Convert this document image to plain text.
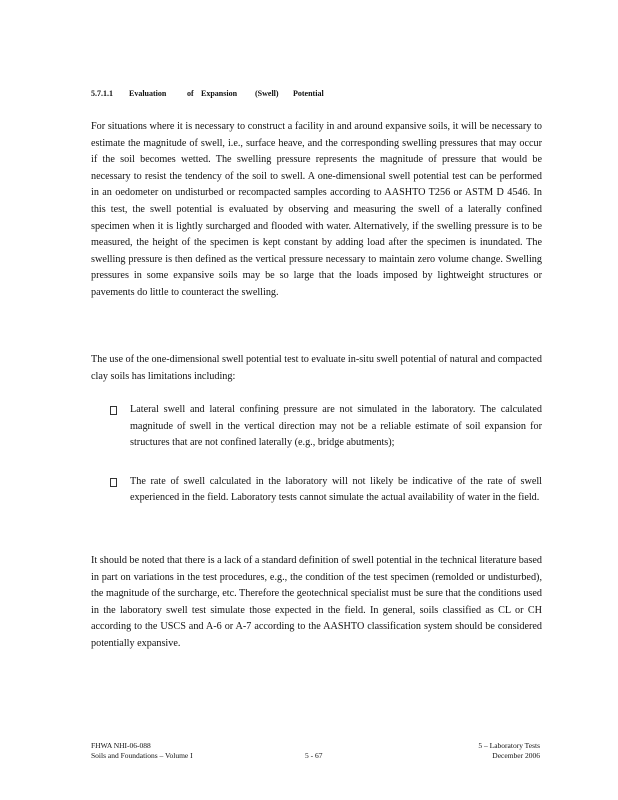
5.7.1.1	Evaluation	of Expansion	(Swell)	Potential

For situations where it is necessary to construct a facility in and around expansive soils, it will be necessary to estimate the magnitude of swell, i.e., surface heave, and the corresponding swelling pressures that may occur if the soil becomes wetted. The swelling pressure represents the magnitude of pressure that would be necessary to resist the tendency of the soil to swell. A one-dimensional swell potential test can be performed in an oedometer on undisturbed or recompacted samples according to AASHTO T256 or ASTM D 4546. In this test, the swell potential is evaluated by observing and measuring the swell of a laterally confined specimen when it is lightly surcharged and flooded with water. Alternatively, if the swelling pressure is to be measured, the height of the specimen is kept constant by adding load after the specimen is inundated. The swelling pressure is then defined as the vertical pressure necessary to maintain zero volume change. Swelling pressures in some expansive soils may be so large that the loads imposed by lightweight structures or pavements do little to counteract the swelling.

The use of the one-dimensional swell potential test to evaluate in-situ swell potential of natural and compacted clay soils has limitations including:

Lateral swell and lateral confining pressure are not simulated in the laboratory. The calculated magnitude of swell in the vertical direction may not be a reliable estimate of soil expansion for structures that are not confined laterally (e.g., bridge abutments);
The rate of swell calculated in the laboratory will not likely be indicative of the rate of swell experienced in the field. Laboratory tests cannot simulate the actual availability of water in the field.

It should be noted that there is a lack of a standard definition of swell potential in the technical literature based in part on variations in the test procedures, e.g., the condition of the test specimen (remolded or undisturbed), the magnitude of the surcharge, etc. Therefore the geotechnical specialist must be sure that the conditions used in the laboratory swell test simulate those expected in the field. In general, soils classified as CL or CH according to the USCS and A-6 or A-7 according to the AASHTO classification system should be considered potentially expansive.

FHWA NHI-06-088
Soils and Foundations – Volume I	5 - 67
5 – Laboratory Tests
December 2006
